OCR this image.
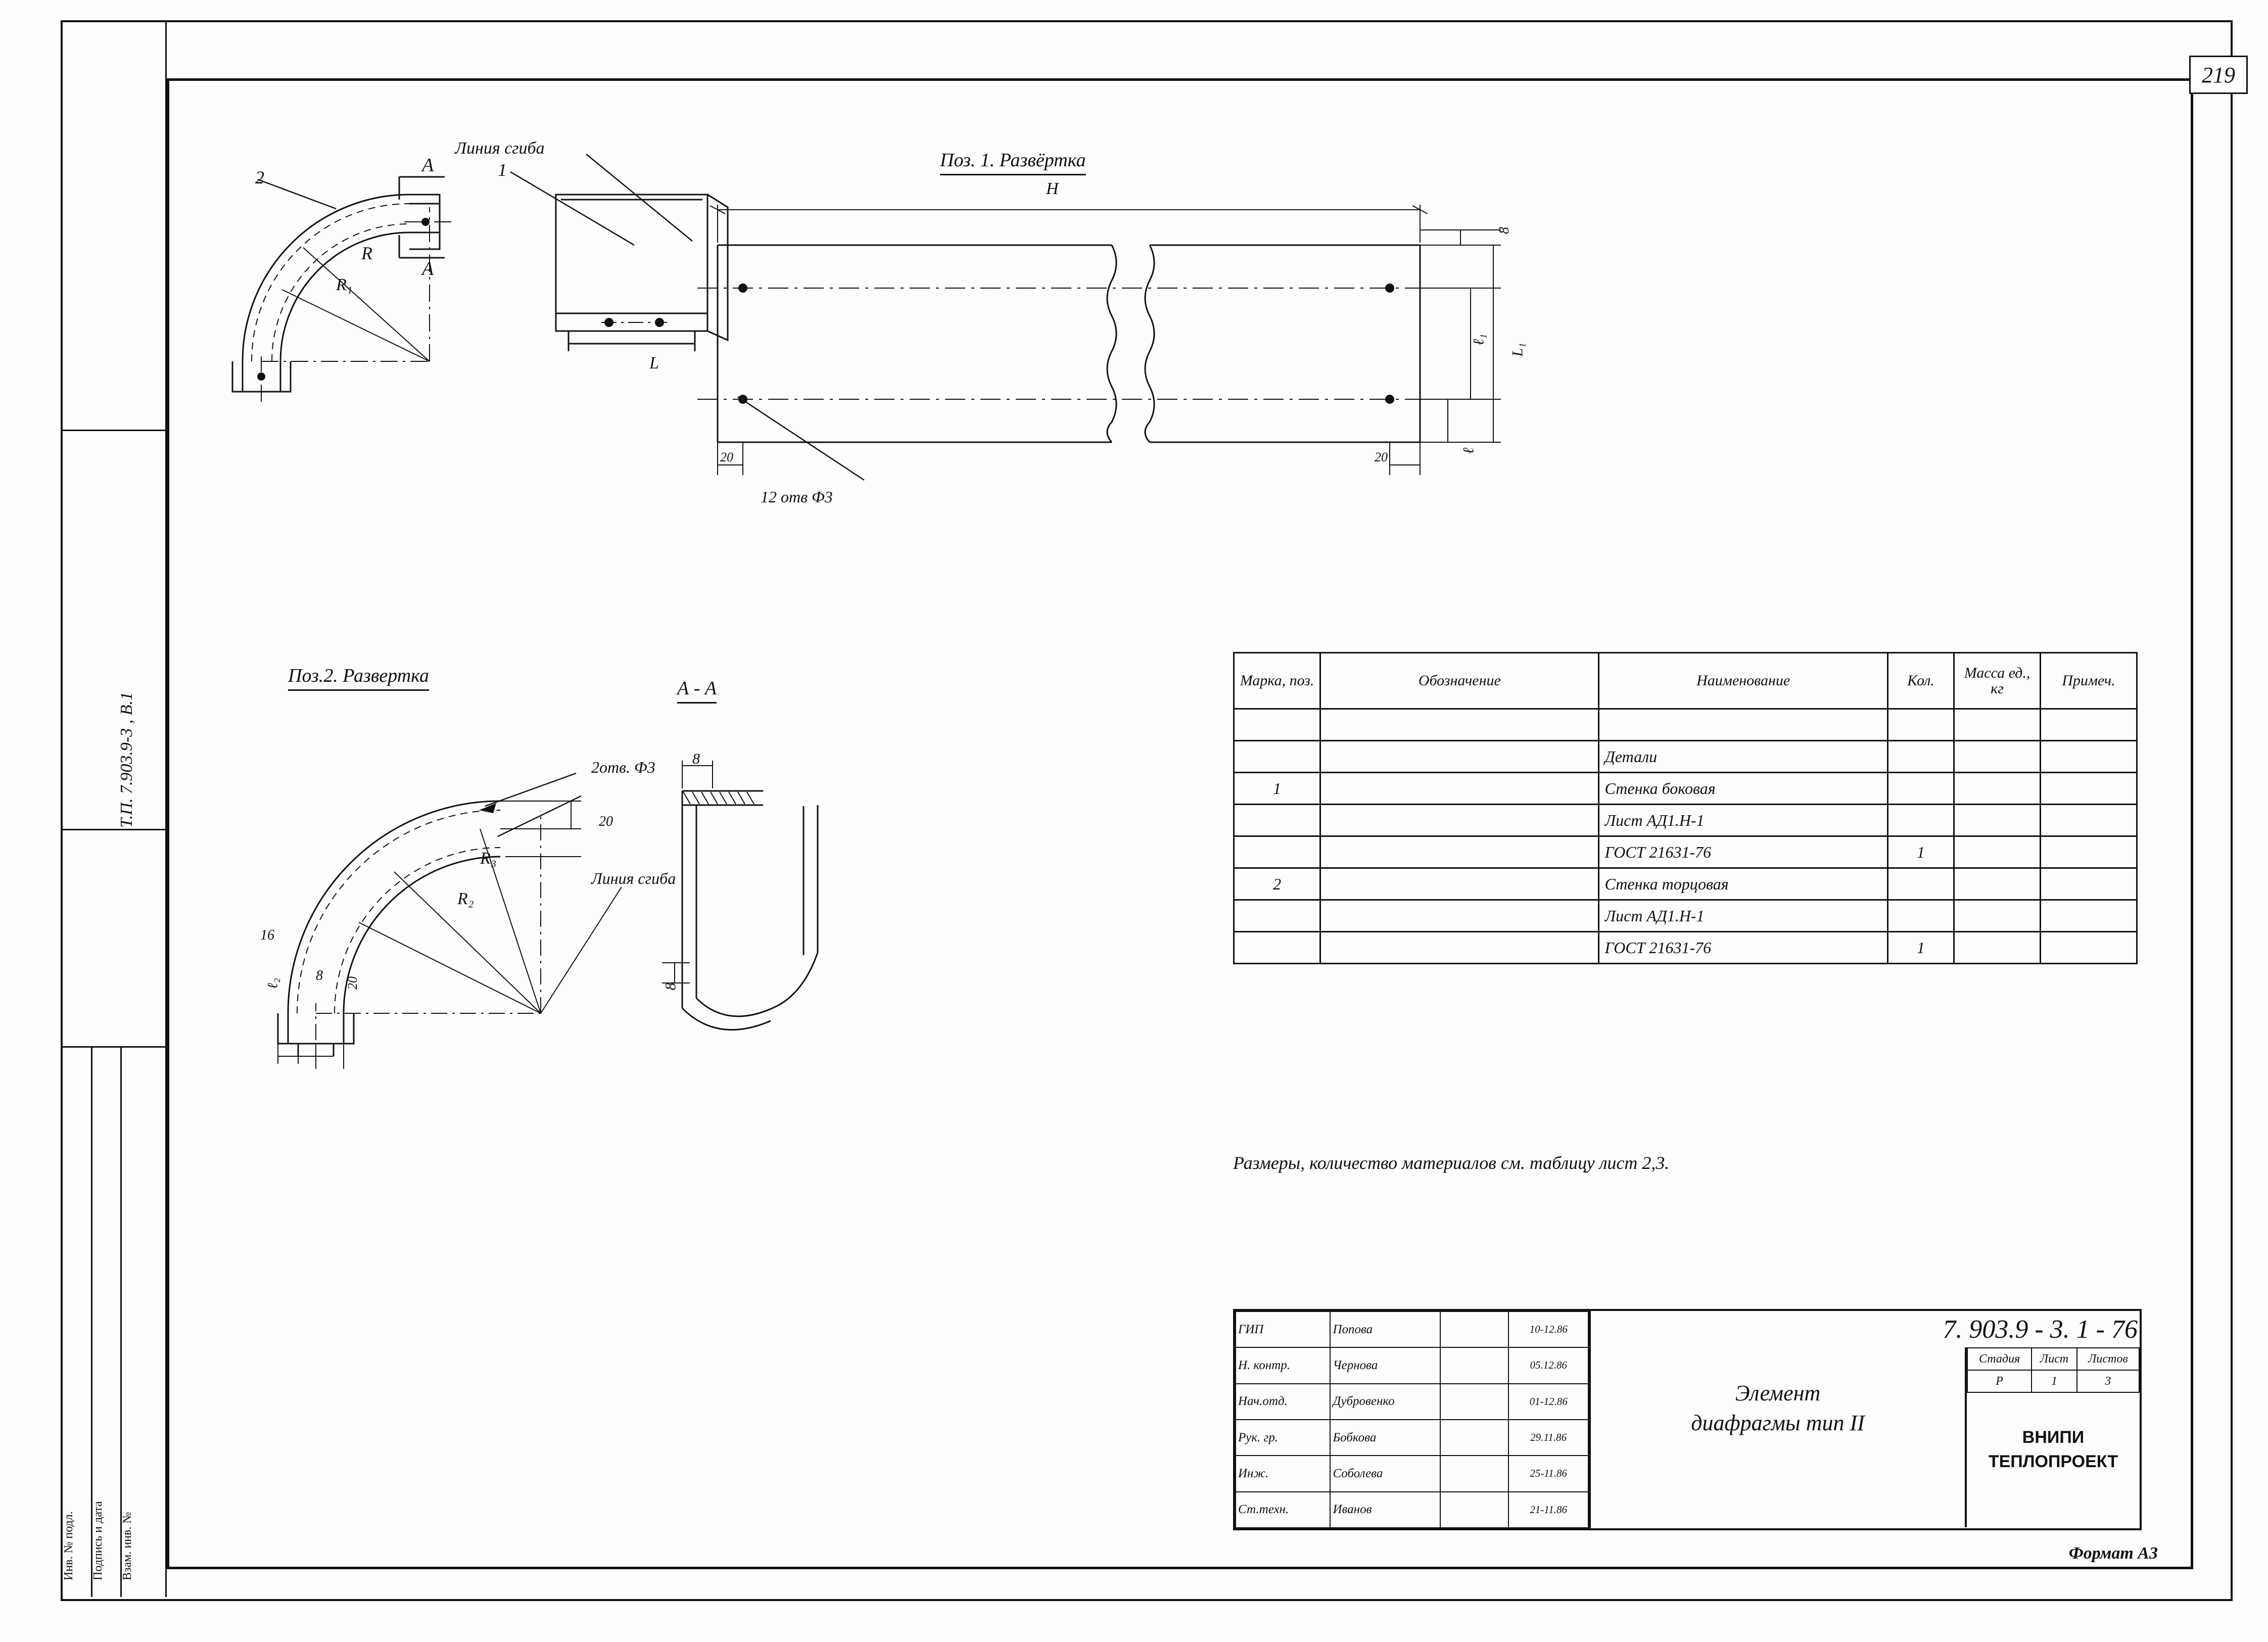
219
Т.П. 7.903.9-3 , В.1
Инв. № подл. Подпись и дата Взам. инв. №
Поз. 1. Развёртка
H
8
ℓ₁
L₁
ℓ
20	20
Линия сгиба
12 отв Ф3
2
А
А
R
R₁
1
L
Поз.2. Развертка
2отв. Ф3
20
Линия сгиба
R₃
R₂
16
ℓ₂ 8 20
А - А
8
8
Марка, поз.	Обозначение	Наименование	Кол.	Масса ед., кг	Примеч.

		Детали			
1		Стенка боковая			
		Лист АД1.Н-1			
		ГОСТ 21631-76	1		
2		Стенка торцовая			
		Лист АД1.Н-1			
		ГОСТ 21631-76	1		
Размеры, количество материалов см. таблицу лист 2,3.
ГИП	Попова		10-12.86
Н. контр.	Чернова		05.12.86
Нач.отд.	Дубровенко		01-12.86
Рук. гр.	Бобкова		29.11.86
Инж.	Соболева		25-11.86
Ст.техн.	Иванов		21-11.86
7. 903.9 - 3. 1 - 76
Элемент
диафрагмы тип II
Стадия	Лист	Листов
Р	1	3
ВНИПИ
ТЕПЛОПРОЕКТ
Формат А3
